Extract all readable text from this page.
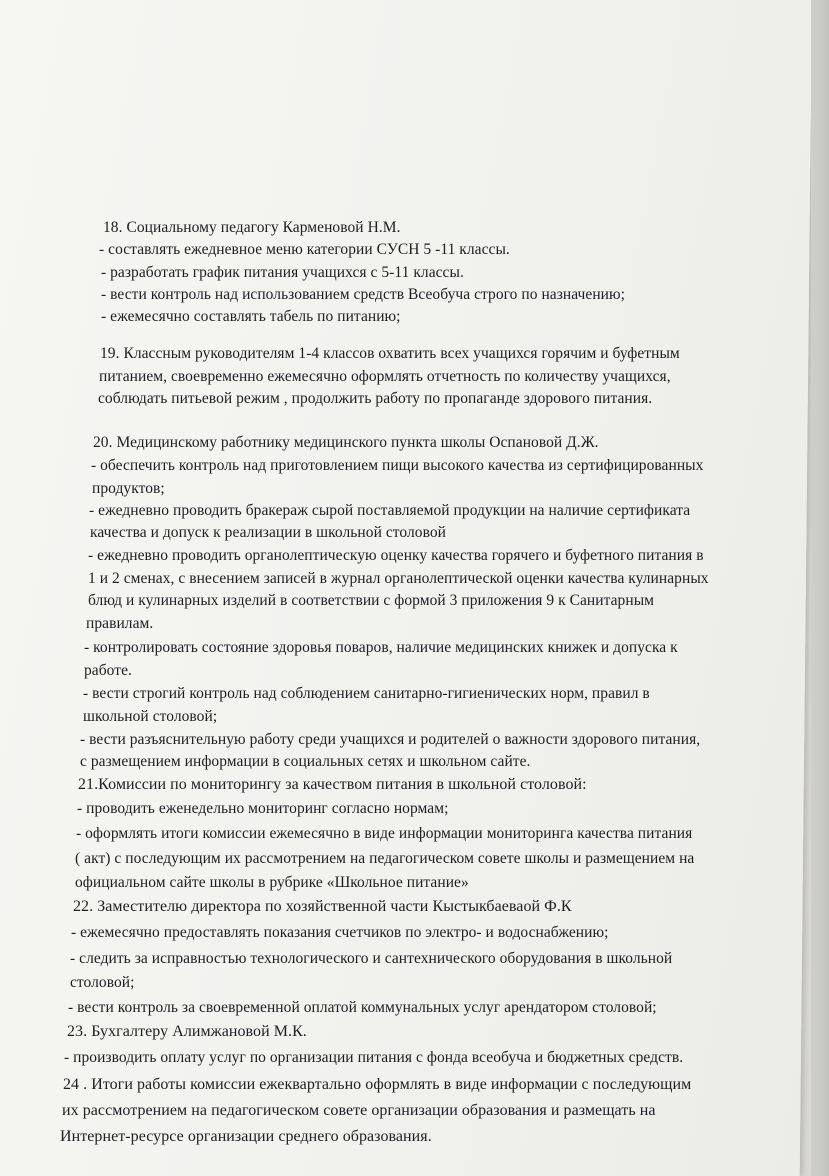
18. Социальному педагогу Карменовой Н.М.
- составлять ежедневное меню категории СУСН 5 -11 классы.
- разработать график питания учащихся с 5-11 классы.
- вести контроль над использованием средств Всеобуча строго по назначению;
- ежемесячно составлять табель по питанию;
19. Классным руководителям 1-4 классов охватить всех учащихся горячим и буфетным
питанием, своевременно ежемесячно оформлять отчетность по количеству учащихся,
соблюдать питьевой режим , продолжить работу по пропаганде здорового питания.
20. Медицинскому работнику медицинского пункта школы Оспановой Д.Ж.
- обеспечить контроль над приготовлением пищи высокого качества из сертифицированных
продуктов;
- ежедневно проводить бракераж сырой поставляемой продукции на наличие сертификата
качества и допуск к реализации в школьной столовой
- ежедневно проводить органолептическую оценку качества горячего и буфетного питания в
1 и 2 сменах, с внесением записей в журнал органолептической оценки качества кулинарных
блюд и кулинарных изделий в соответствии с формой 3 приложения 9 к Санитарным
правилам.
- контролировать состояние здоровья поваров, наличие медицинских книжек и допуска к
работе.
- вести строгий контроль над соблюдением санитарно-гигиенических норм, правил в
школьной столовой;
- вести разъяснительную работу среди учащихся и родителей о важности здорового питания,
с размещением информации в социальных сетях и школьном сайте.
21.Комиссии по мониторингу за качеством питания в школьной столовой:
- проводить еженедельно мониторинг согласно нормам;
- оформлять итоги комиссии ежемесячно в виде информации мониторинга качества питания
( акт) с последующим их рассмотрением на педагогическом совете школы и размещением на
официальном сайте школы в рубрике «Школьное питание»
22. Заместителю директора по хозяйственной части Кыстыкбаеваой Ф.К
- ежемесячно предоставлять показания счетчиков по электро- и водоснабжению;
- следить за исправностью технологического и сантехнического оборудования в школьной
столовой;
- вести контроль за своевременной оплатой коммунальных услуг арендатором столовой;
23. Бухгалтеру Алимжановой М.К.
- производить оплату услуг по организации питания с фонда всеобуча и бюджетных средств.
24 . Итоги работы комиссии ежеквартально оформлять в виде информации с последующим
их рассмотрением на педагогическом совете организации образования и размещать на
Интернет-ресурсе организации среднего образования.
